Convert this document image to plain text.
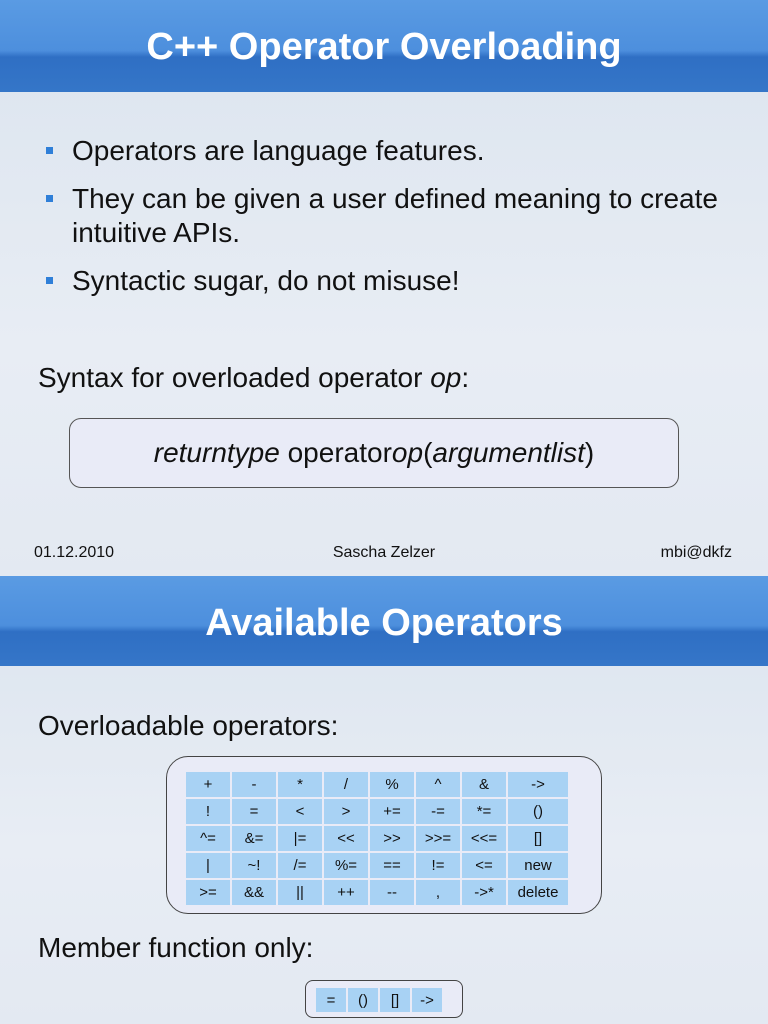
C++ Operator Overloading
Operators are language features.
They can be given a user defined meaning to create intuitive APIs.
Syntactic sugar, do not misuse!
Syntax for overloaded operator op:
returntype operatorop(argumentlist)
01.12.2010	Sascha Zelzer	mbi@dkfz
Available Operators
Overloadable operators:
+	-	*	/	%	^	&	->
!	=	<	>	+=	-=	*=	()
^=	&=	|=	<<	>>	>>=	<<=	[]
|	~!	/=	%=	==	!=	<=	new
>=	&&	||	++	--	,	->*	delete
Member function only:
=	()	[]	->
